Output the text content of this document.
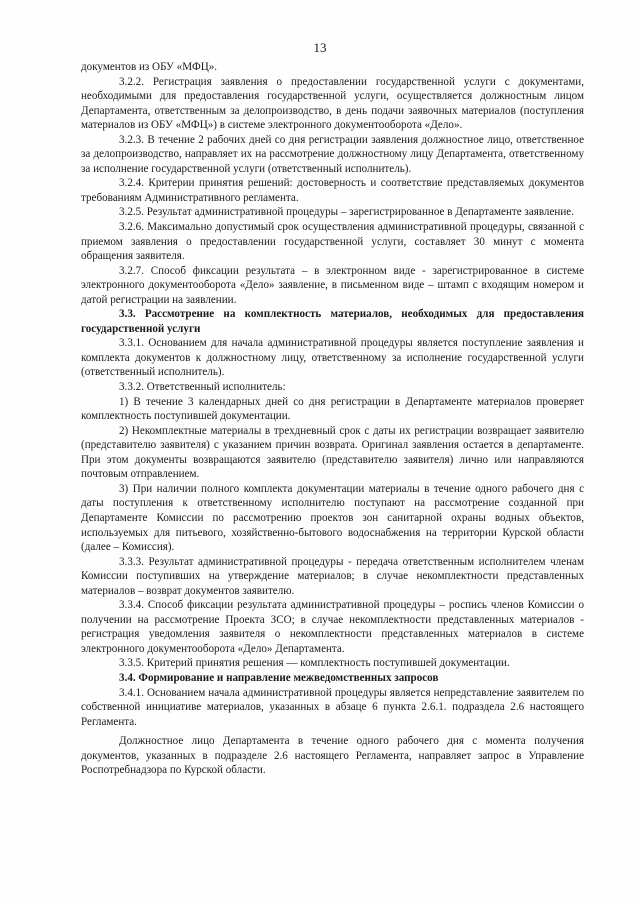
13

документов из ОБУ «МФЦ».

3.2.2. Регистрация заявления о предоставлении государственной услуги с документами, необходимыми для предоставления государственной услуги, осуществляется должностным лицом Департамента, ответственным за делопроизводство, в день подачи заявочных материалов (поступления материалов из ОБУ «МФЦ») в системе электронного документооборота «Дело».

3.2.3. В течение 2 рабочих дней со дня регистрации заявления должностное лицо, ответственное за делопроизводство, направляет их на рассмотрение должностному лицу Департамента, ответственному за исполнение государственной услуги (ответственный исполнитель).

3.2.4. Критерии принятия решений: достоверность и соответствие представляемых документов требованиям Административного регламента.

3.2.5. Результат административной процедуры – зарегистрированное в Департаменте заявление.

3.2.6. Максимально допустимый срок осуществления административной процедуры, связанной с приемом заявления о предоставлении государственной услуги, составляет 30 минут с момента обращения заявителя.

3.2.7. Способ фиксации результата – в электронном виде - зарегистрированное в системе электронного документооборота «Дело» заявление, в письменном виде – штамп с входящим номером и датой регистрации на заявлении.

3.3. Рассмотрение на комплектность материалов, необходимых для предоставления государственной услуги

3.3.1. Основанием для начала административной процедуры является поступление заявления и комплекта документов к должностному лицу, ответственному за исполнение государственной услуги (ответственный исполнитель).

3.3.2. Ответственный исполнитель:

1) В течение 3 календарных дней со дня регистрации в Департаменте материалов проверяет комплектность поступившей документации.

2) Некомплектные материалы в трехдневный срок с даты их регистрации возвращает заявителю (представителю заявителя) с указанием причин возврата. Оригинал заявления остается в департаменте. При этом документы возвращаются заявителю (представителю заявителя) лично или направляются почтовым отправлением.

3) При наличии полного комплекта документации материалы в течение одного рабочего дня с даты поступления к ответственному исполнителю поступают на рассмотрение созданной при Департаменте Комиссии по рассмотрению проектов зон санитарной охраны водных объектов, используемых для питьевого, хозяйственно-бытового водоснабжения на территории Курской области (далее – Комиссия).

3.3.3. Результат административной процедуры - передача ответственным исполнителем членам Комиссии поступивших на утверждение материалов; в случае некомплектности представленных материалов – возврат документов заявителю.

3.3.4. Способ фиксации результата административной процедуры – роспись членов Комиссии о получении на рассмотрение Проекта ЗСО; в случае некомплектности представленных материалов - регистрация уведомления заявителя о некомплектности представленных материалов в системе электронного документооборота «Дело» Департамента.

3.3.5. Критерий принятия решения — комплектность поступившей документации.

3.4. Формирование и направление межведомственных запросов

3.4.1. Основанием начала административной процедуры является непредставление заявителем по собственной инициативе материалов, указанных в абзаце 6 пункта 2.6.1. подраздела 2.6 настоящего Регламента.

Должностное лицо Департамента в течение одного рабочего дня с момента получения документов, указанных в подразделе 2.6 настоящего Регламента, направляет запрос в Управление Роспотребнадзора по Курской области.
